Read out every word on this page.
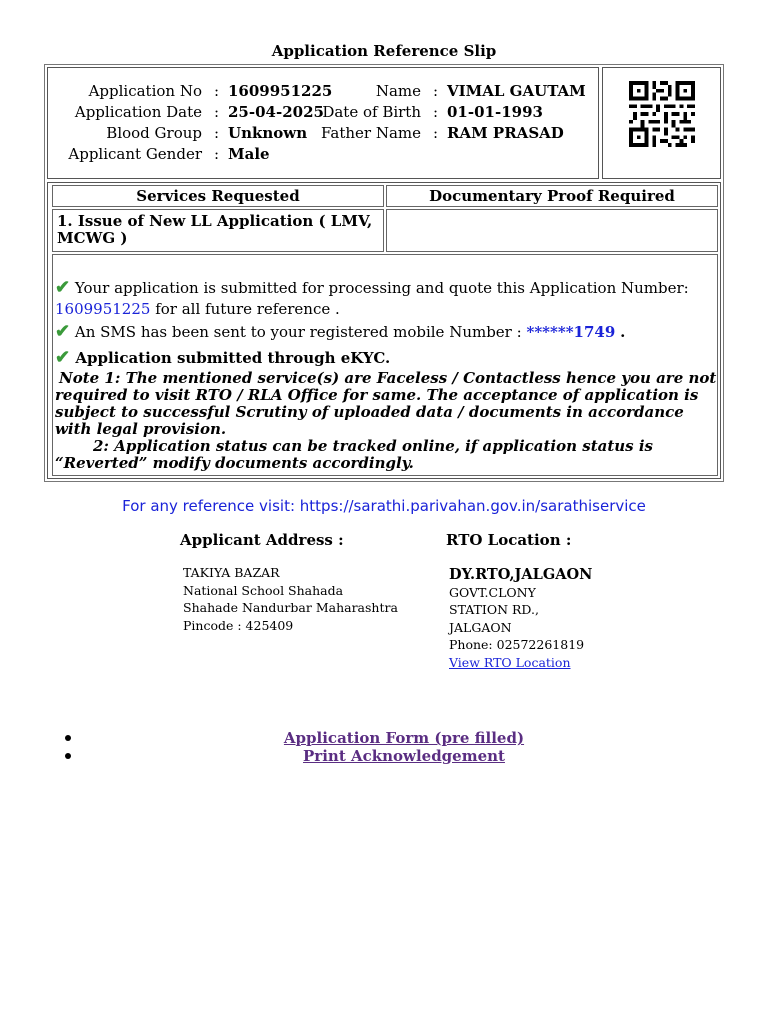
Application Reference Slip
Application No : 1609951225
Application Date : 25-04-2025
Blood Group : Unknown
Applicant Gender : Male
Name : VIMAL GAUTAM
Date of Birth : 01-01-1993
Father Name : RAM PRASAD
Services Requested	Documentary Proof Required
1. Issue of New LL Application ( LMV, MCWG )
✔ Your application is submitted for processing and quote this Application Number:
1609951225 for all future reference .
✔ An SMS has been sent to your registered mobile Number : ******1749 .
✔ Application submitted through eKYC.
Note 1: The mentioned service(s) are Faceless / Contactless hence you are not required to visit RTO / RLA Office for same. The acceptance of application is subject to successful Scrutiny of uploaded data / documents in accordance with legal provision.
2: Application status can be tracked online, if application status is “Reverted” modify documents accordingly.
For any reference visit: https://sarathi.parivahan.gov.in/sarathiservice
Applicant Address :	RTO Location :
TAKIYA BAZAR
National School Shahada
Shahade Nandurbar Maharashtra
Pincode : 425409
DY.RTO,JALGAON
GOVT.CLONY
STATION RD.,
JALGAON
Phone: 02572261819
View RTO Location
Application Form (pre filled)
Print Acknowledgement
